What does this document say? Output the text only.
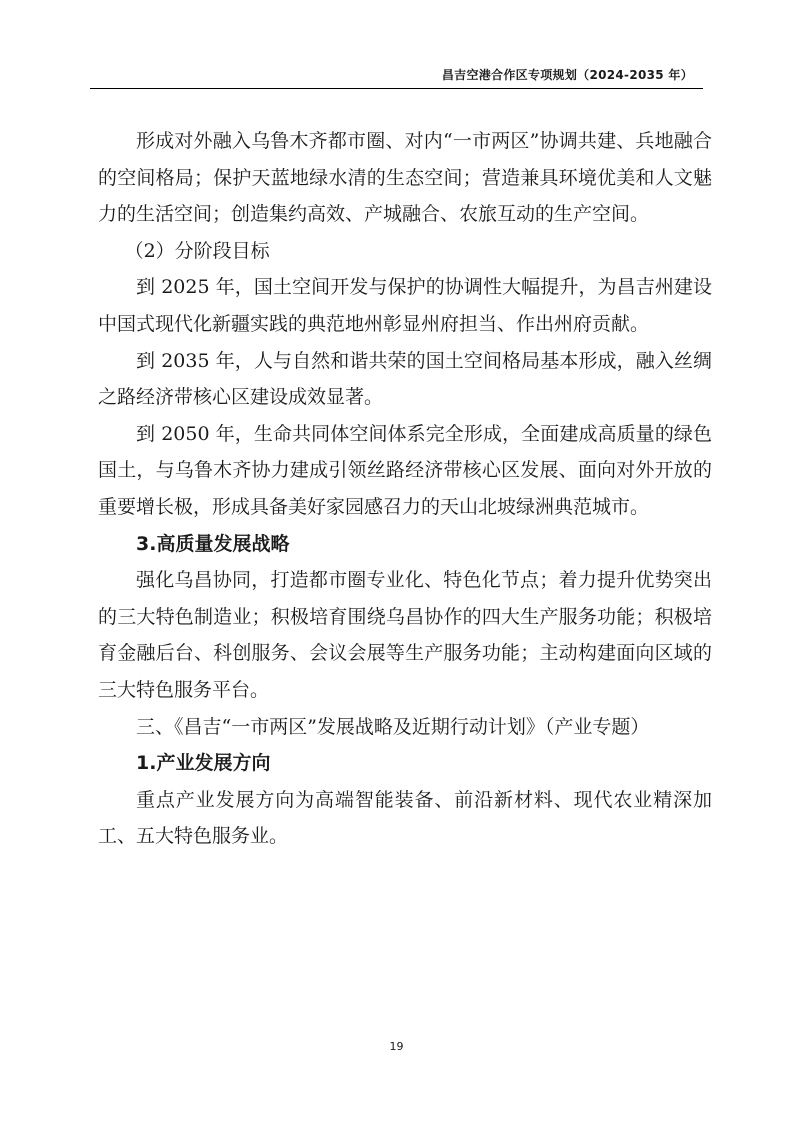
昌吉空港合作区专项规划（2024-2035 年）

形成对外融入乌鲁木齐都市圈、对内“一市两区”协调共建、兵地融合的空间格局；保护天蓝地绿水清的生态空间；营造兼具环境优美和人文魅力的生活空间；创造集约高效、产城融合、农旅互动的生产空间。

（2）分阶段目标

到 2025 年，国土空间开发与保护的协调性大幅提升，为昌吉州建设中国式现代化新疆实践的典范地州彰显州府担当、作出州府贡献。

到 2035 年，人与自然和谐共荣的国土空间格局基本形成，融入丝绸之路经济带核心区建设成效显著。

到 2050 年，生命共同体空间体系完全形成，全面建成高质量的绿色国土，与乌鲁木齐协力建成引领丝路经济带核心区发展、面向对外开放的重要增长极，形成具备美好家园感召力的天山北坡绿洲典范城市。

3.高质量发展战略

强化乌昌协同，打造都市圈专业化、特色化节点；着力提升优势突出的三大特色制造业；积极培育围绕乌昌协作的四大生产服务功能；积极培育金融后台、科创服务、会议会展等生产服务功能；主动构建面向区域的三大特色服务平台。

三、《昌吉“一市两区”发展战略及近期行动计划》（产业专题）

1.产业发展方向

重点产业发展方向为高端智能装备、前沿新材料、现代农业精深加工、五大特色服务业。

19
